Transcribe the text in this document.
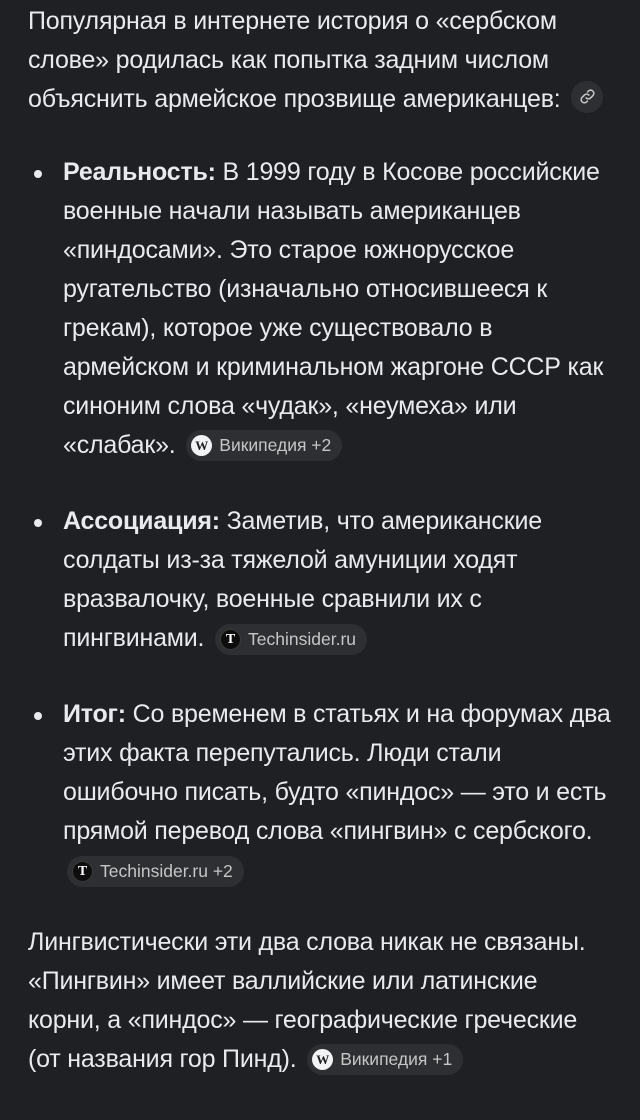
Популярная в интернете история о «сербском слове» родилась как попытка задним числом объяснить армейское прозвище американцев:

Реальность: В 1999 году в Косове российские военные начали называть американцев «пиндосами». Это старое южнорусское ругательство (изначально относившееся к грекам), которое уже существовало в армейском и криминальном жаргоне СССР как синоним слова «чудак», «неумеха» или «слабак».	W Википедия +2
Ассоциация: Заметив, что американские солдаты из-за тяжелой амуниции ходят вразвалочку, военные сравнили их с пингвинами.	T Techinsider.ru
Итог: Со временем в статьях и на форумах два этих факта перепутались. Люди стали ошибочно писать, будто «пиндос» — это и есть прямой перевод слова «пингвин» с сербского.
T Techinsider.ru +2

Лингвистически эти два слова никак не связаны. «Пингвин» имеет валлийские или латинские корни, а «пиндос» — географические греческие (от названия гор Пинд).	W Википедия +1
